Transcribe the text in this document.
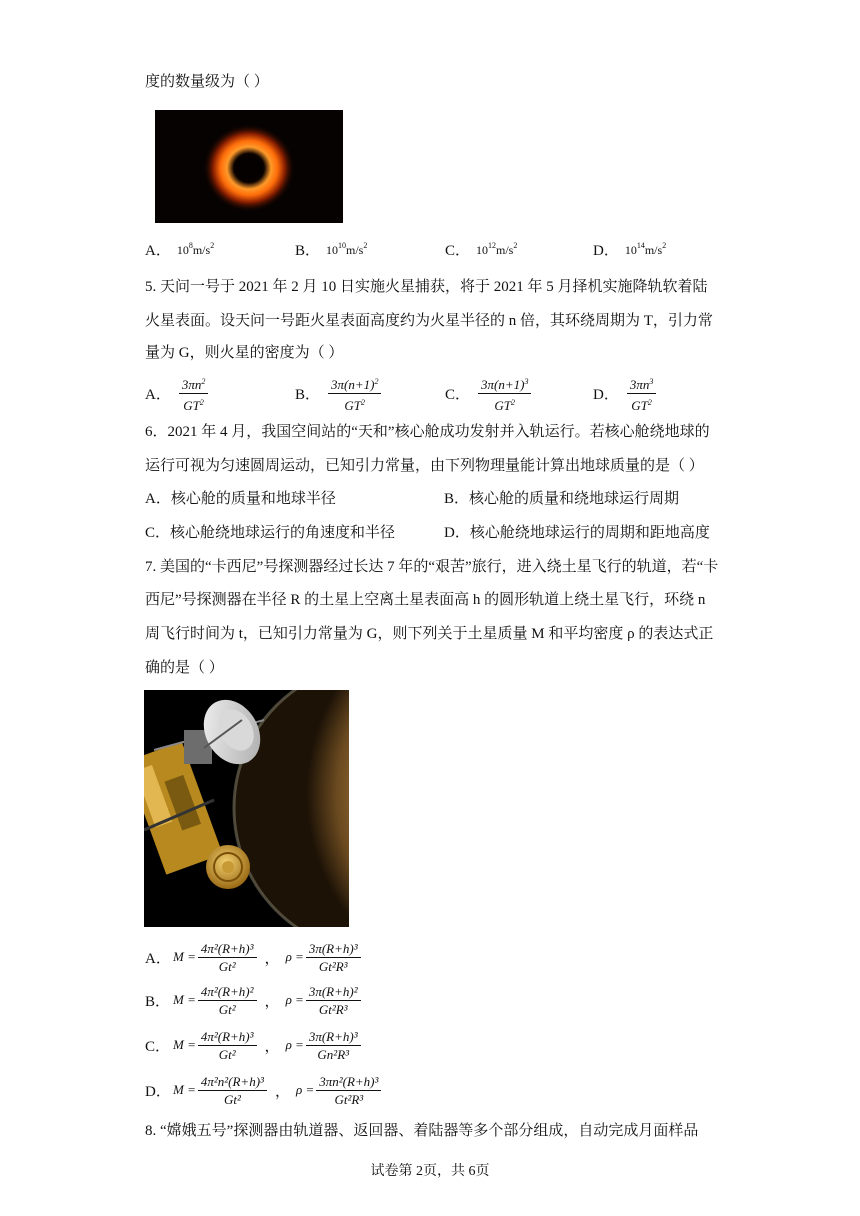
度的数量级为（ ）
A． $10^8m/s^2$	B． $10^{10}m/s^2$	C． $10^{12}m/s^2$	D． $10^{14}m/s^2$
5. 天问一号于 2021 年 2 月 10 日实施火星捕获，将于 2021 年 5 月择机实施降轨软着陆
火星表面。设天问一号距火星表面高度约为火星半径的 n 倍，其环绕周期为 T，引力常
量为 G，则火星的密度为（ ）
A． $\frac{3\pi n^2}{GT^2}$	B． $\frac{3\pi(n+1)^2}{GT^2}$	C． $\frac{3\pi(n+1)^3}{GT^2}$	D． $\frac{3\pi n^3}{GT^2}$
6．2021 年 4 月，我国空间站的“天和”核心舱成功发射并入轨运行。若核心舱绕地球的
运行可视为匀速圆周运动，已知引力常量，由下列物理量能计算出地球质量的是（ ）
A．核心舱的质量和地球半径	B．核心舱的质量和绕地球运行周期
C．核心舱绕地球运行的角速度和半径	D．核心舱绕地球运行的周期和距地高度
7. 美国的“卡西尼”号探测器经过长达 7 年的“艰苦”旅行，进入绕土星飞行的轨道，若“卡
西尼”号探测器在半径 R 的土星上空离土星表面高 h 的圆形轨道上绕土星飞行，环绕 n
周飞行时间为 t，已知引力常量为 G，则下列关于土星质量 M 和平均密度 ρ 的表达式正
确的是（ ）
A． $M = \frac{\text{4π²(R+h)³}}{\text{Gt²}}$ ， $\rho = \frac{\text{3π(R+h)³}}{\text{Gt²R³}}$
B． $M = \frac{\text{4π²(R+h)²}}{\text{Gt²}}$ ， $\rho = \frac{\text{3π(R+h)²}}{\text{Gt²R³}}$
C． $M = \frac{\text{4π²(R+h)³}}{\text{Gt²}}$ ， $\rho = \frac{\text{3π(R+h)³}}{\text{Gn²R³}}$
D． $M = \frac{\text{4π²n²(R+h)³}}{\text{Gt²}}$ ， $\rho = \frac{\text{3πn²(R+h)³}}{\text{Gt²R³}}$
8. “嫦娥五号”探测器由轨道器、返回器、着陆器等多个部分组成，自动完成月面样品
试卷第 2页，共 6页
